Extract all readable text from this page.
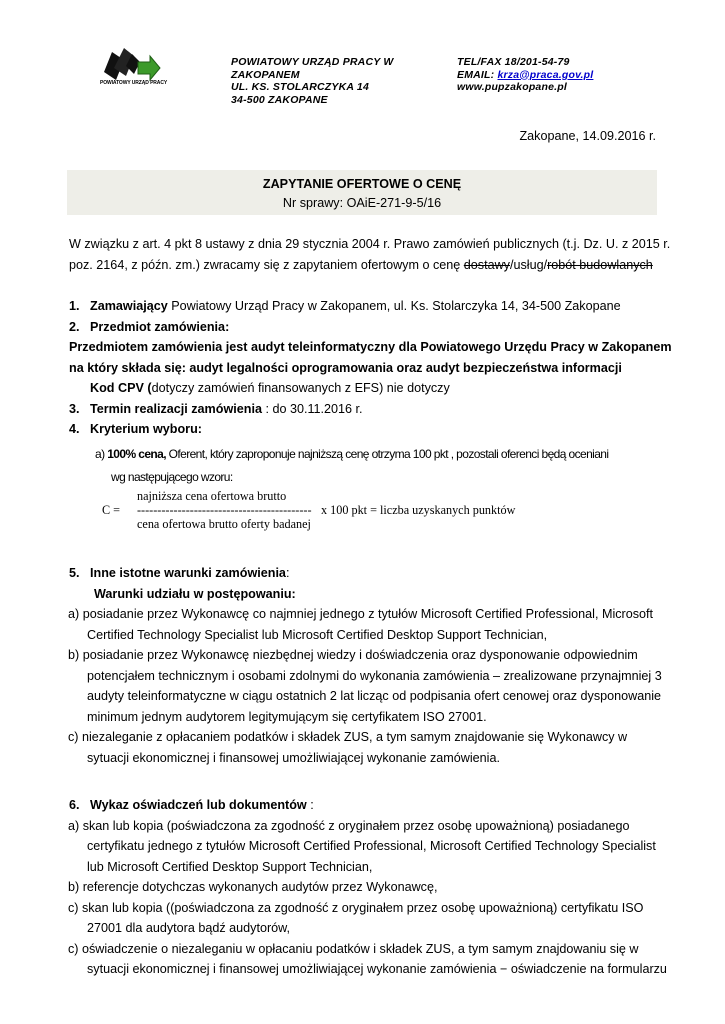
POWIATOWY URZĄD PRACY
POWIATOWY URZĄD PRACY W
ZAKOPANEM
UL. KS. STOLARCZYKA 14
34-500 ZAKOPANE
TEL/FAX 18/201-54-79
EMAIL: krza@praca.gov.pl
www.pupzakopane.pl
Zakopane, 14.09.2016 r.
ZAPYTANIE OFERTOWE O CENĘ
Nr sprawy: OAiE-271-9-5/16
W związku z art. 4 pkt 8 ustawy z dnia 29 stycznia 2004 r. Prawo zamówień publicznych (t.j. Dz. U. z 2015 r.
poz. 2164, z późn. zm.) zwracamy się z zapytaniem ofertowym o cenę dostawy/usług/robót budowlanych
1. Zamawiający Powiatowy Urząd Pracy w Zakopanem, ul. Ks. Stolarczyka 14, 34-500 Zakopane
2. Przedmiot zamówienia:
Przedmiotem zamówienia jest audyt teleinformatyczny dla Powiatowego Urzędu Pracy w Zakopanem
na który składa się: audyt legalności oprogramowania oraz audyt bezpieczeństwa informacji
Kod CPV (dotyczy zamówień finansowanych z EFS) nie dotyczy
3. Termin realizacji zamówienia : do 30.11.2016 r.
4. Kryterium wyboru:
a) 100% cena, Oferent, który zaproponuje najniższą cenę otrzyma 100 pkt , pozostali oferenci będą oceniani
wg następującego wzoru:
najniższa cena ofertowa brutto
C = ------------------------------------------- x 100 pkt = liczba uzyskanych punktów
cena ofertowa brutto oferty badanej
5. Inne istotne warunki zamówienia:
Warunki udziału w postępowaniu:
a) posiadanie przez Wykonawcę co najmniej jednego z tytułów Microsoft Certified Professional, Microsoft
Certified Technology Specialist lub Microsoft Certified Desktop Support Technician,
b) posiadanie przez Wykonawcę niezbędnej wiedzy i doświadczenia oraz dysponowanie odpowiednim
potencjałem technicznym i osobami zdolnymi do wykonania zamówienia – zrealizowane przynajmniej 3
audyty teleinformatyczne w ciągu ostatnich 2 lat licząc od podpisania ofert cenowej oraz dysponowanie
minimum jednym audytorem legitymującym się certyfikatem ISO 27001.
c) niezaleganie z opłacaniem podatków i składek ZUS, a tym samym znajdowanie się Wykonawcy w
sytuacji ekonomicznej i finansowej umożliwiającej wykonanie zamówienia.
6. Wykaz oświadczeń lub dokumentów :
a) skan lub kopia (poświadczona za zgodność z oryginałem przez osobę upoważnioną) posiadanego
certyfikatu jednego z tytułów Microsoft Certified Professional, Microsoft Certified Technology Specialist
lub Microsoft Certified Desktop Support Technician,
b) referencje dotychczas wykonanych audytów przez Wykonawcę,
c) skan lub kopia ((poświadczona za zgodność z oryginałem przez osobę upoważnioną) certyfikatu ISO
27001 dla audytora bądź audytorów,
c) oświadczenie o niezaleganiu w opłacaniu podatków i składek ZUS, a tym samym znajdowaniu się w
sytuacji ekonomicznej i finansowej umożliwiającej wykonanie zamówienia − oświadczenie na formularzu
